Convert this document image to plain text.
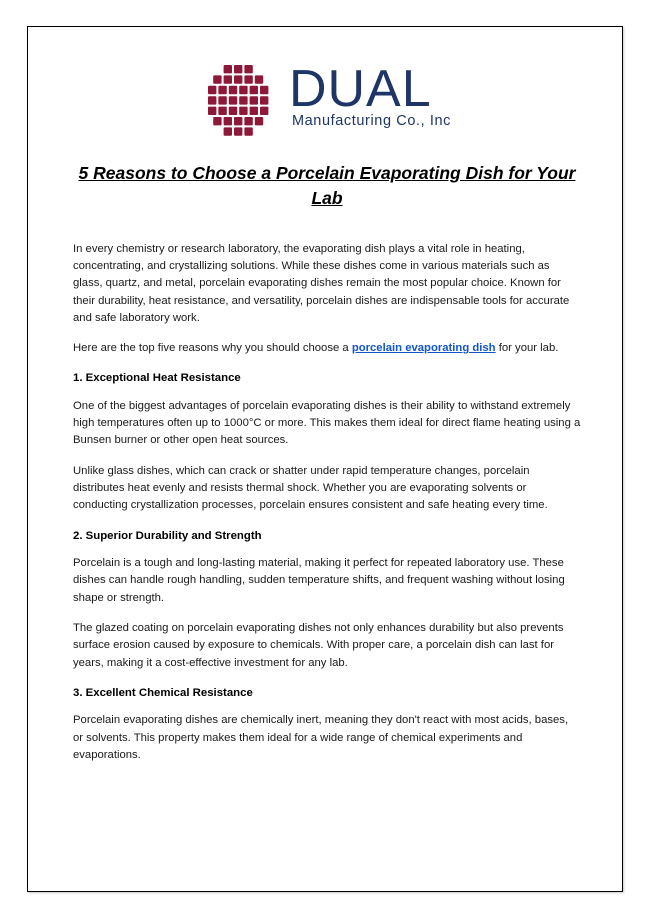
DUAL
Manufacturing Co., Inc
5 Reasons to Choose a Porcelain Evaporating Dish for Your Lab

In every chemistry or research laboratory, the evaporating dish plays a vital role in heating, concentrating, and crystallizing solutions. While these dishes come in various materials such as glass, quartz, and metal, porcelain evaporating dishes remain the most popular choice. Known for their durability, heat resistance, and versatility, porcelain dishes are indispensable tools for accurate and safe laboratory work.

Here are the top five reasons why you should choose a porcelain evaporating dish for your lab.

1. Exceptional Heat Resistance

One of the biggest advantages of porcelain evaporating dishes is their ability to withstand extremely high temperatures often up to 1000°C or more. This makes them ideal for direct flame heating using a Bunsen burner or other open heat sources.

Unlike glass dishes, which can crack or shatter under rapid temperature changes, porcelain distributes heat evenly and resists thermal shock. Whether you are evaporating solvents or conducting crystallization processes, porcelain ensures consistent and safe heating every time.

2. Superior Durability and Strength

Porcelain is a tough and long-lasting material, making it perfect for repeated laboratory use. These dishes can handle rough handling, sudden temperature shifts, and frequent washing without losing shape or strength.

The glazed coating on porcelain evaporating dishes not only enhances durability but also prevents surface erosion caused by exposure to chemicals. With proper care, a porcelain dish can last for years, making it a cost-effective investment for any lab.

3. Excellent Chemical Resistance

Porcelain evaporating dishes are chemically inert, meaning they don't react with most acids, bases, or solvents. This property makes them ideal for a wide range of chemical experiments and evaporations.
